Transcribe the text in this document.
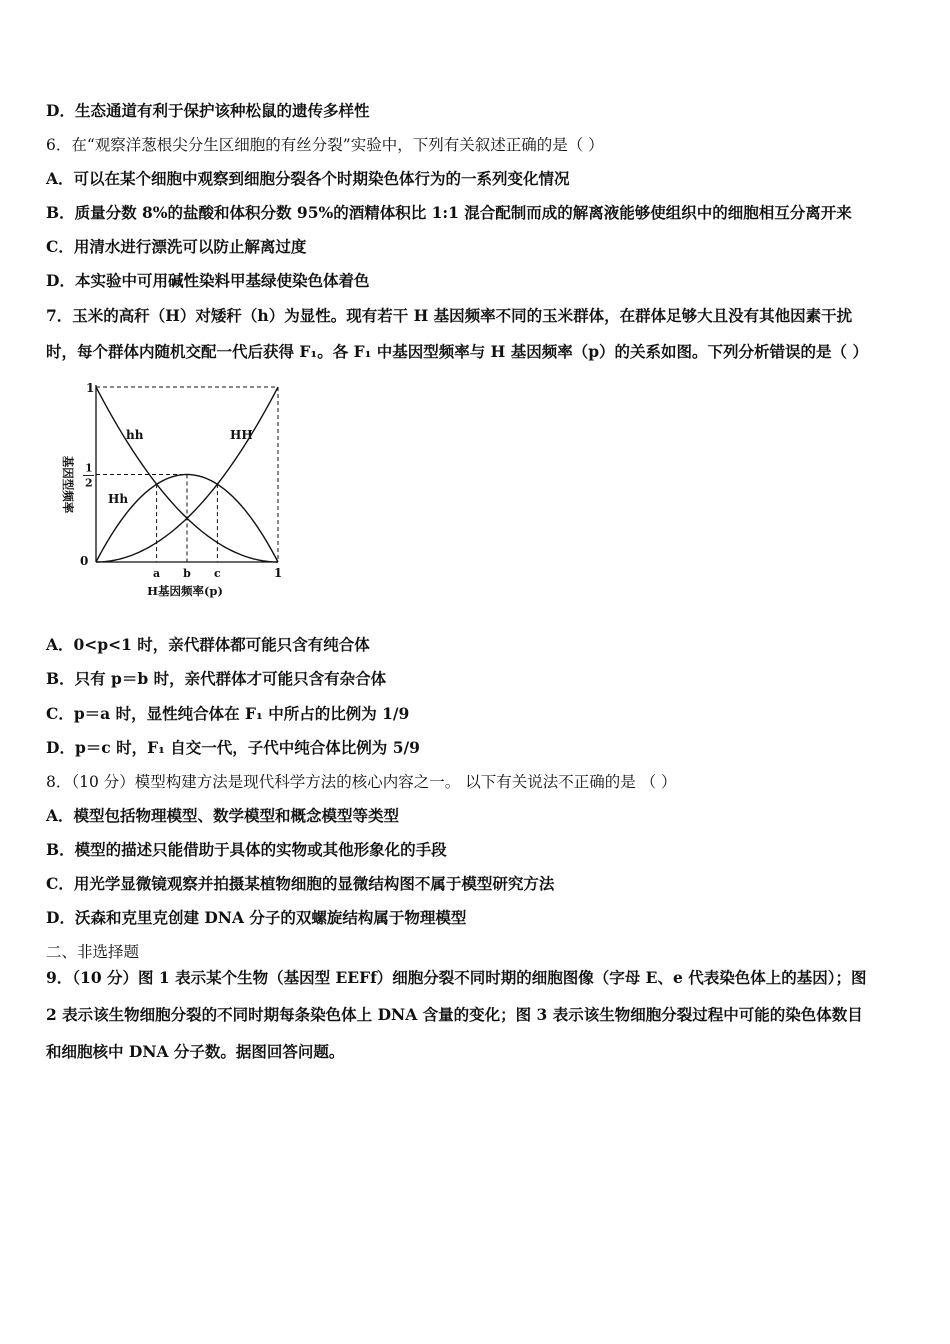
D．生态通道有利于保护该种松鼠的遗传多样性
6．在“观察洋葱根尖分生区细胞的有丝分裂”实验中，下列有关叙述正确的是（ ）
A．可以在某个细胞中观察到细胞分裂各个时期染色体行为的一系列变化情况
B．质量分数 8%的盐酸和体积分数 95%的酒精体积比 1:1 混合配制而成的解离液能够使组织中的细胞相互分离开来
C．用清水进行漂洗可以防止解离过度
D．本实验中可用碱性染料甲基绿使染色体着色
7．玉米的高秆（H）对矮秆（h）为显性。现有若干 H 基因频率不同的玉米群体，在群体足够大且没有其他因素干扰
时，每个群体内随机交配一代后获得 F₁。各 F₁ 中基因型频率与 H 基因频率（p）的关系如图。下列分析错误的是（ ）
hh	HH
Hh
1
1
2
0
a b c	1
H基因频率(p)
基因型频率
A．0<p<1 时，亲代群体都可能只含有纯合体
B．只有 p＝b 时，亲代群体才可能只含有杂合体
C．p＝a 时，显性纯合体在 F₁ 中所占的比例为 1/9
D．p＝c 时，F₁ 自交一代，子代中纯合体比例为 5/9
8．（10 分）模型构建方法是现代科学方法的核心内容之一。 以下有关说法不正确的是 （ ）
A．模型包括物理模型、数学模型和概念模型等类型
B．模型的描述只能借助于具体的实物或其他形象化的手段
C．用光学显微镜观察并拍摄某植物细胞的显微结构图不属于模型研究方法
D．沃森和克里克创建 DNA 分子的双螺旋结构属于物理模型
二、非选择题
9．（10 分）图 1 表示某个生物（基因型 EEFf）细胞分裂不同时期的细胞图像（字母 E、e 代表染色体上的基因）；图
2 表示该生物细胞分裂的不同时期每条染色体上 DNA 含量的变化；图 3 表示该生物细胞分裂过程中可能的染色体数目
和细胞核中 DNA 分子数。据图回答问题。
